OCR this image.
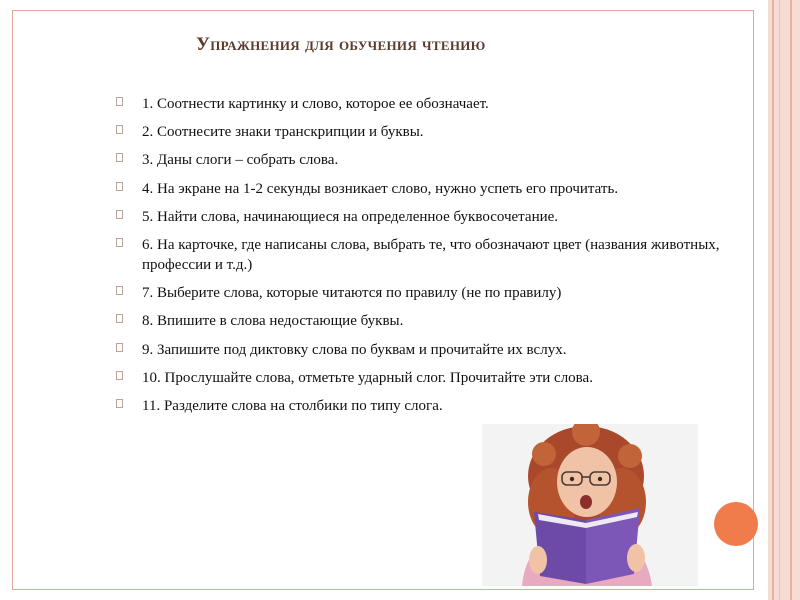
Упражнения для обучения чтению
1. Соотнести картинку и слово, которое ее обозначает.
2. Соотнесите знаки транскрипции и буквы.
3. Даны слоги – собрать слова.
4. На экране на 1-2 секунды возникает слово, нужно успеть его прочитать.
5. Найти слова, начинающиеся на определенное буквосочетание.
6. На карточке, где написаны слова, выбрать те, что обозначают цвет (названия животных, профессии и т.д.)
7. Выберите слова, которые читаются по правилу (не по правилу)
8. Впишите в слова недостающие буквы.
9. Запишите под диктовку слова по буквам и прочитайте их вслух.
10. Прослушайте слова, отметьте ударный слог. Прочитайте эти слова.
11. Разделите слова на столбики по типу слога.
